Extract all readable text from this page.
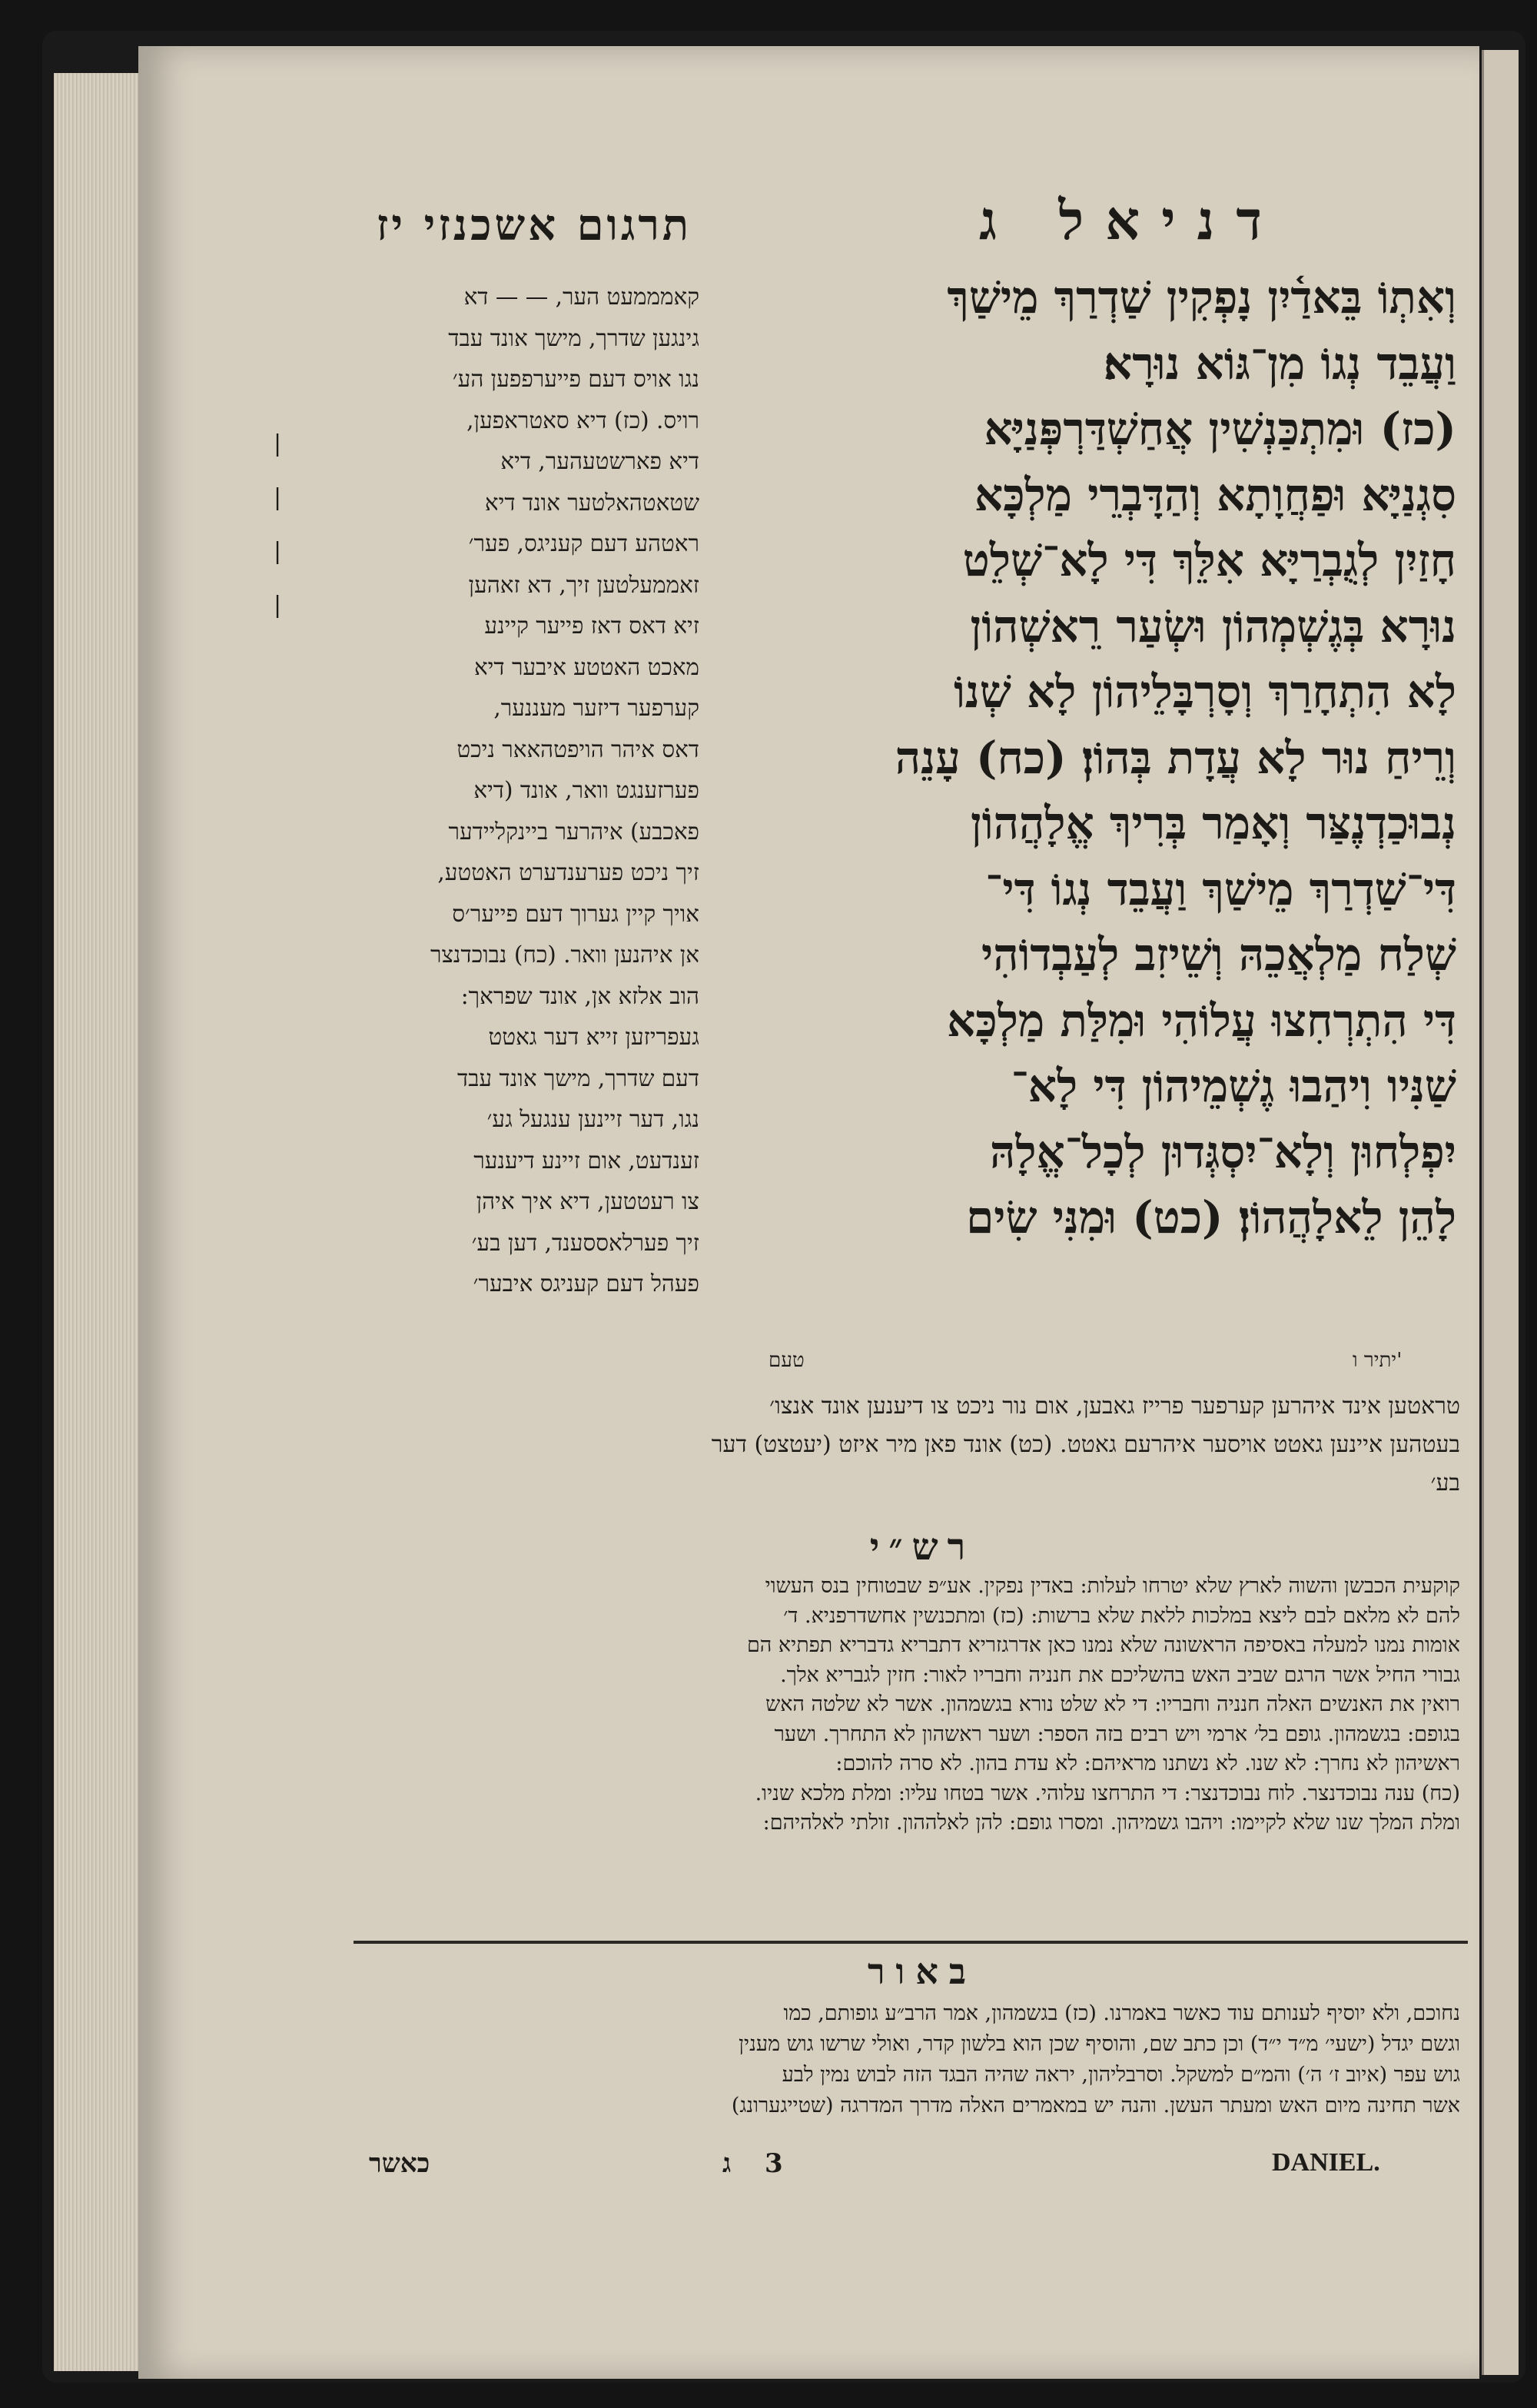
תרגום אשכנזי יז	דניאל ג
|

|

|

|
קאמממעט הער, — — דא
גינגען שדרך, מישך אונד עבד
נגו אויס דעם פייערפפען הע׳
רויס. (כז) דיא סאטראפען,
דיא פארשטעהער, דיא
שטאטהאלטער אונד דיא
ראטהע דעם קעניגס, פער׳
זאממעלטען זיך, דא זאהען
זיא דאס דאז פייער קיינע
מאכט האטטע איבער דיא
קערפער דיזער מעננער,
דאס איהר הויפטהאאר ניכט
פערזענגט וואר, אונד (דיא
פאכבע) איהרער ביינקליידער
זיך ניכט פערענדערט האטטע,
אויך קיין גערוך דעם פייער׳ס
אן איהנען וואר. (כח) נבוכדנצר
הוב אלזא אן, אונד שפראך:
געפריזען זייא דער גאטט
דעם שדרך, מישך אונד עבד
נגו, דער זיינען ענגעל גע׳
זענדעט, אום זיינע דיענער
צו רעטטען, דיא איך איהן
זיך פערלאססענד, דען בע׳
פעהל דעם קעניגס איבער׳
וְאִתְוֹ בֵּאדַ֫יִן נָפְקִין שַׁדְרַךְ מֵישַׁךְ
וַעֲבֵד נְגוֹ מִן־גּוֹא נוּרָא׃
(כז) וּמִתְכַּנְשִׁין אֲחַשְׁדַּרְפְּנַיָּא
סִגְנַיָּא וּפַחֲוָתָא וְהַדָּבְרֵי מַלְכָּא
חָזַיִן לְגֻבְרַיָּא אִלֵּךְ דִּי לָא־שְׁלֵט
נוּרָא בְּגֶשְׁמְהוֹן וּשְׂעַר רֵאשְׁהוֹן
לָא הִתְחָרַךְ וְסָרְבָּלֵיהוֹן לָא שְׁנוֹ
וְרֵיחַ נוּר לָא עֲדָת בְּהוֹן׃ (כח) עָנֵה
נְבוּכַדְנֶצַּר וְאָמַר בְּרִיךְ אֱלָהֲהוֹן
דִּי־שַׁדְרַךְ מֵישַׁךְ וַעֲבֵד נְגוֹ דִּי־
שְׁלַח מַלְאֲכֵהּ וְשֵׁיזִב לְעַבְדוֹהִי
דִּי הִתְרְחִצוּ עֲלוֹהִי וּמִלַּת מַלְכָּא
שַׁנִּיו וִיהַבוּ גֶשְׁמֵיהוֹן דִּי לָא־
יִפְלְחוּן וְלָא־יִסְגְּדוּן לְכָל־אֱלָהּ
לָהֵן לֵאלָהֲהוֹן׃ (כט) וּמִנִּי שִׂים
טעם	יתיר ו'
טראטען אינד איהרען קערפער פרייז גאבען, אום נור ניכט צו דיענען אונד אנצו׳
בעטהען איינען גאטט אויסער איהרעם גאטט. (כט) אונד פאן מיר איזט (יעטצט) דער
בע׳
רש״י
קוקעית הכבשן והשוה לארץ שלא יטרחו לעלות: באדין נפקין. אע״פ שבטוחין בנס העשוי
להם לא מלאם לבם ליצא במלכות ללאת שלא ברשות: (כז) ומתכנשין אחשדרפניא. ד׳
אומות נמנו למעלה באסיפה הראשונה שלא נמנו כאן אדרגזריא דתבריא גדבריא תפתיא הם
גבורי החיל אשר הרגם שביב האש בהשליכם את חנניה וחבריו לאור: חזין לגבריא אלך.
רואין את האנשים האלה חנניה וחבריו: די לא שלט נורא בגשמהון. אשר לא שלטה האש
בגופם: בגשמהון. גופם בל׳ ארמי ויש רבים בזה הספר: ושער ראשהון לא התחרך. ושער
ראשיהון לא נחרך: לא שנו. לא נשתנו מראיהם: לא עדת בהון. לא סרה להוכם:
(כח) ענה נבוכדנצר. לוח נבוכדנצר: די התרחצו עלוהי. אשר בטחו עליו: ומלת מלכא שניו.
ומלת המלך שנו שלא לקיימו: ויהבו גשמיהון. ומסרו גופם: להן לאלההון. זולתי לאלהיהם:
באור
נחוכם, ולא יוסיף לענותם עוד כאשר באמרנו. (כז) בגשמהון, אמר הרב״ע גופותם, כמו
וגשם יגדל (ישעי׳ מ״ד י״ד) וכן כתב שם, והוסיף שכן הוא בלשון קדר, ואולי שרשו גוש מענין
גוש עפר (איוב ז׳ ה׳) והמ״ם למשקל. וסרבליהון, יראה שהיה הבגד הזה לבוש נמין לבע
אשר תחינה מיום האש ומעתר העשן. והנה יש במאמרים האלה מדרך המדרגה (שטייגערונג)
כאשר	ג 3	DANIEL.
